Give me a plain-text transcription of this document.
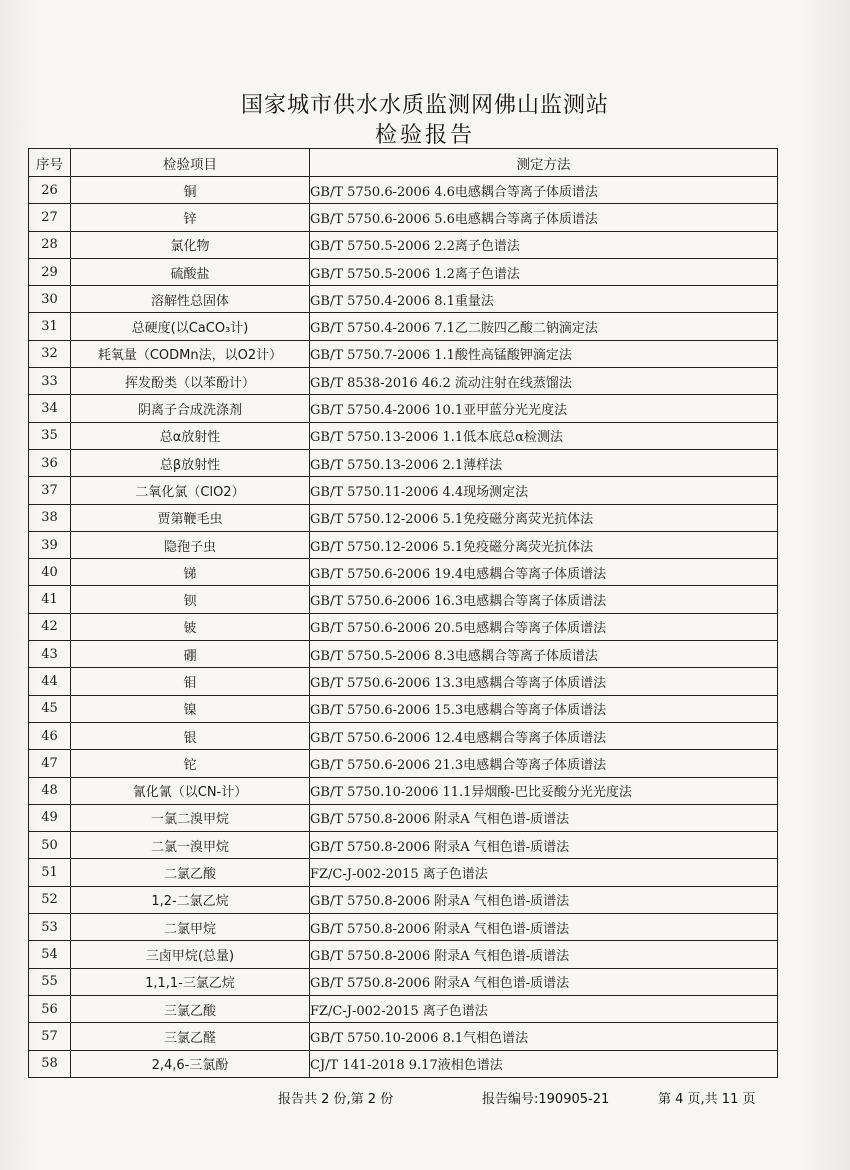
国家城市供水水质监测网佛山监测站
检验报告
序号	检验项目	测定方法
26	铜	GB/T 5750.6-2006 4.6电感耦合等离子体质谱法
27	锌	GB/T 5750.6-2006 5.6电感耦合等离子体质谱法
28	氯化物	GB/T 5750.5-2006 2.2离子色谱法
29	硫酸盐	GB/T 5750.5-2006 1.2离子色谱法
30	溶解性总固体	GB/T 5750.4-2006 8.1重量法
31	总硬度(以CaCO₃计)	GB/T 5750.4-2006 7.1乙二胺四乙酸二钠滴定法
32	耗氧量（CODMn法，以O2计）	GB/T 5750.7-2006 1.1酸性高锰酸钾滴定法
33	挥发酚类（以苯酚计）	GB/T 8538-2016 46.2 流动注射在线蒸馏法
34	阴离子合成洗涤剂	GB/T 5750.4-2006 10.1亚甲蓝分光光度法
35	总α放射性	GB/T 5750.13-2006 1.1低本底总α检测法
36	总β放射性	GB/T 5750.13-2006 2.1薄样法
37	二氧化氯（ClO2）	GB/T 5750.11-2006 4.4现场测定法
38	贾第鞭毛虫	GB/T 5750.12-2006 5.1免疫磁分离荧光抗体法
39	隐孢子虫	GB/T 5750.12-2006 5.1免疫磁分离荧光抗体法
40	锑	GB/T 5750.6-2006 19.4电感耦合等离子体质谱法
41	钡	GB/T 5750.6-2006 16.3电感耦合等离子体质谱法
42	铍	GB/T 5750.6-2006 20.5电感耦合等离子体质谱法
43	硼	GB/T 5750.5-2006 8.3电感耦合等离子体质谱法
44	钼	GB/T 5750.6-2006 13.3电感耦合等离子体质谱法
45	镍	GB/T 5750.6-2006 15.3电感耦合等离子体质谱法
46	银	GB/T 5750.6-2006 12.4电感耦合等离子体质谱法
47	铊	GB/T 5750.6-2006 21.3电感耦合等离子体质谱法
48	氰化氰（以CN-计）	GB/T 5750.10-2006 11.1异烟酸-巴比妥酸分光光度法
49	一氯二溴甲烷	GB/T 5750.8-2006 附录A 气相色谱-质谱法
50	二氯一溴甲烷	GB/T 5750.8-2006 附录A 气相色谱-质谱法
51	二氯乙酸	FZ/C-J-002-2015 离子色谱法
52	1,2-二氯乙烷	GB/T 5750.8-2006 附录A 气相色谱-质谱法
53	二氯甲烷	GB/T 5750.8-2006 附录A 气相色谱-质谱法
54	三卤甲烷(总量)	GB/T 5750.8-2006 附录A 气相色谱-质谱法
55	1,1,1-三氯乙烷	GB/T 5750.8-2006 附录A 气相色谱-质谱法
56	三氯乙酸	FZ/C-J-002-2015 离子色谱法
57	三氯乙醛	GB/T 5750.10-2006 8.1气相色谱法
58	2,4,6-三氯酚	CJ/T 141-2018 9.17液相色谱法
报告共 2 份,第 2 份	报告编号:190905-21	第 4 页,共 11 页
